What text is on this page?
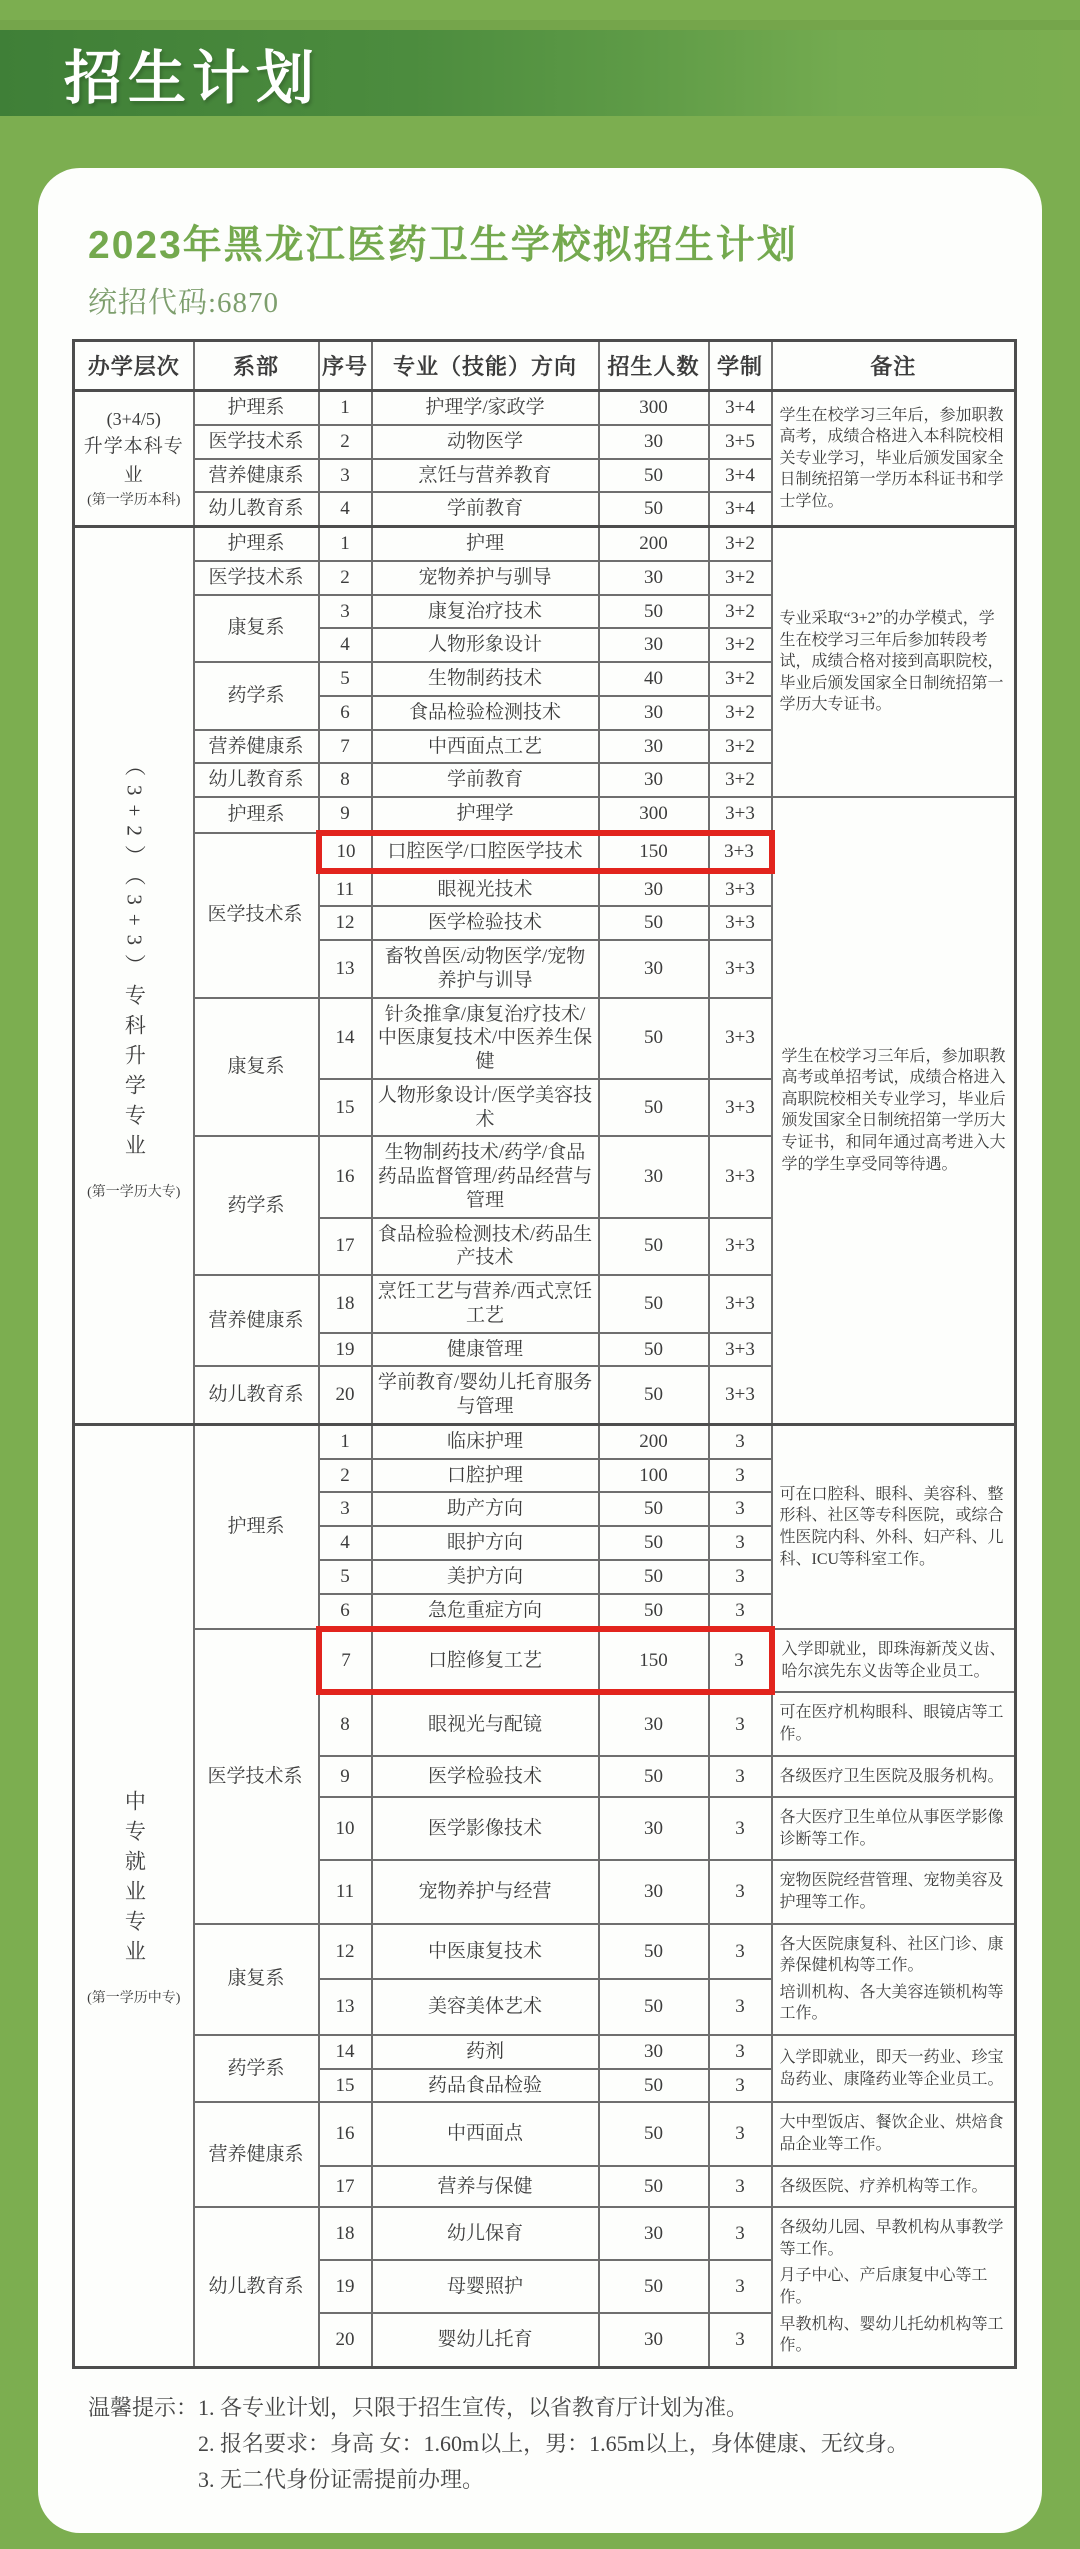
招生计划
2023年黑龙江医药卫生学校拟招生计划
统招代码:6870
办学层次	系部	序号	专业（技能）方向	招生人数	学制	备注

(3+4/5)
升学本科专业
(第一学历本科)	护理系	1	护理学/家政学	300	3+4	学生在校学习三年后，参加职教高考，成绩合格进入本科院校相关专业学习，毕业后颁发国家全日制统招第一学历本科证书和学士学位。

	医学技术系	2	动物医学	30	3+5	
	营养健康系	3	烹饪与营养教育	50	3+4	
	幼儿教育系	4	学前教育	50	3+4	
（3+2）（3+3）专科升学专业
(第一学历大专)	护理系	1	护理	200	3+2	专业采取“3+2”的办学模式，学生在校学习三年后参加转段考试，成绩合格对接到高职院校，毕业后颁发国家全日制统招第一学历大专证书。

	医学技术系	2	宠物养护与驯导	30	3+2	
	康复系	3	康复治疗技术	50	3+2	
		4	人物形象设计	30	3+2	
	药学系	5	生物制药技术	40	3+2	
		6	食品检验检测技术	30	3+2	
	营养健康系	7	中西面点工艺	30	3+2	
	幼儿教育系	8	学前教育	30	3+2	
	护理系	9	护理学	300	3+3	学生在校学习三年后，参加职教高考或单招考试，成绩合格进入高职院校相关专业学习，毕业后颁发国家全日制统招第一学历大专证书，和同年通过高考进入大学的学生享受同等待遇。

	医学技术系	10	口腔医学/口腔医学技术	150	3+3	
		11	眼视光技术	30	3+3	
		12	医学检验技术	50	3+3	
		13	畜牧兽医/动物医学/宠物养护与训导	30	3+3	
	康复系	14	针灸推拿/康复治疗技术/中医康复技术/中医养生保健	50	3+3	
		15	人物形象设计/医学美容技术	50	3+3	
	药学系	16	生物制药技术/药学/食品药品监督管理/药品经营与管理	30	3+3	
		17	食品检验检测技术/药品生产技术	50	3+3	
	营养健康系	18	烹饪工艺与营养/西式烹饪工艺	50	3+3	
		19	健康管理	50	3+3	
	幼儿教育系	20	学前教育/婴幼儿托育服务与管理	50	3+3	
中专就业专业
(第一学历中专)	护理系	1	临床护理	200	3	可在口腔科、眼科、美容科、整形科、社区等专科医院，或综合性医院内科、外科、妇产科、儿科、ICU等科室工作。

		2	口腔护理	100	3	
		3	助产方向	50	3	
		4	眼护方向	50	3	
		5	美护方向	50	3	
		6	急危重症方向	50	3	
	医学技术系	7	口腔修复工艺	150	3	入学即就业，即珠海新茂义齿、哈尔滨先东义齿等企业员工。

		8	眼视光与配镜	30	3	可在医疗机构眼科、眼镜店等工作。

		9	医学检验技术	50	3	各级医疗卫生医院及服务机构。

		10	医学影像技术	30	3	各大医疗卫生单位从事医学影像诊断等工作。

		11	宠物养护与经营	30	3	宠物医院经营管理、宠物美容及护理等工作。

	康复系	12	中医康复技术	50	3	各大医院康复科、社区门诊、康养保健机构等工作。

培训机构、各大美容连锁机构等工作。

		13	美容美体艺术	50	3	
	药学系	14	药剂	30	3	入学即就业，即天一药业、珍宝岛药业、康隆药业等企业员工。

		15	药品食品检验	50	3	
	营养健康系	16	中西面点	50	3	大中型饭店、餐饮企业、烘焙食品企业等工作。

		17	营养与保健	50	3	各级医院、疗养机构等工作。

	幼儿教育系	18	幼儿保育	30	3	各级幼儿园、早教机构从事教学等工作。

月子中心、产后康复中心等工作。

早教机构、婴幼儿托幼机构等工作。

		19	母婴照护	50	3	
		20	婴幼儿托育	30	3	
温馨提示： 1. 各专业计划，只限于招生宣传，以省教育厅计划为准。
2. 报名要求：身高 女：1.60m以上，男：1.65m以上，身体健康、无纹身。
3. 无二代身份证需提前办理。
